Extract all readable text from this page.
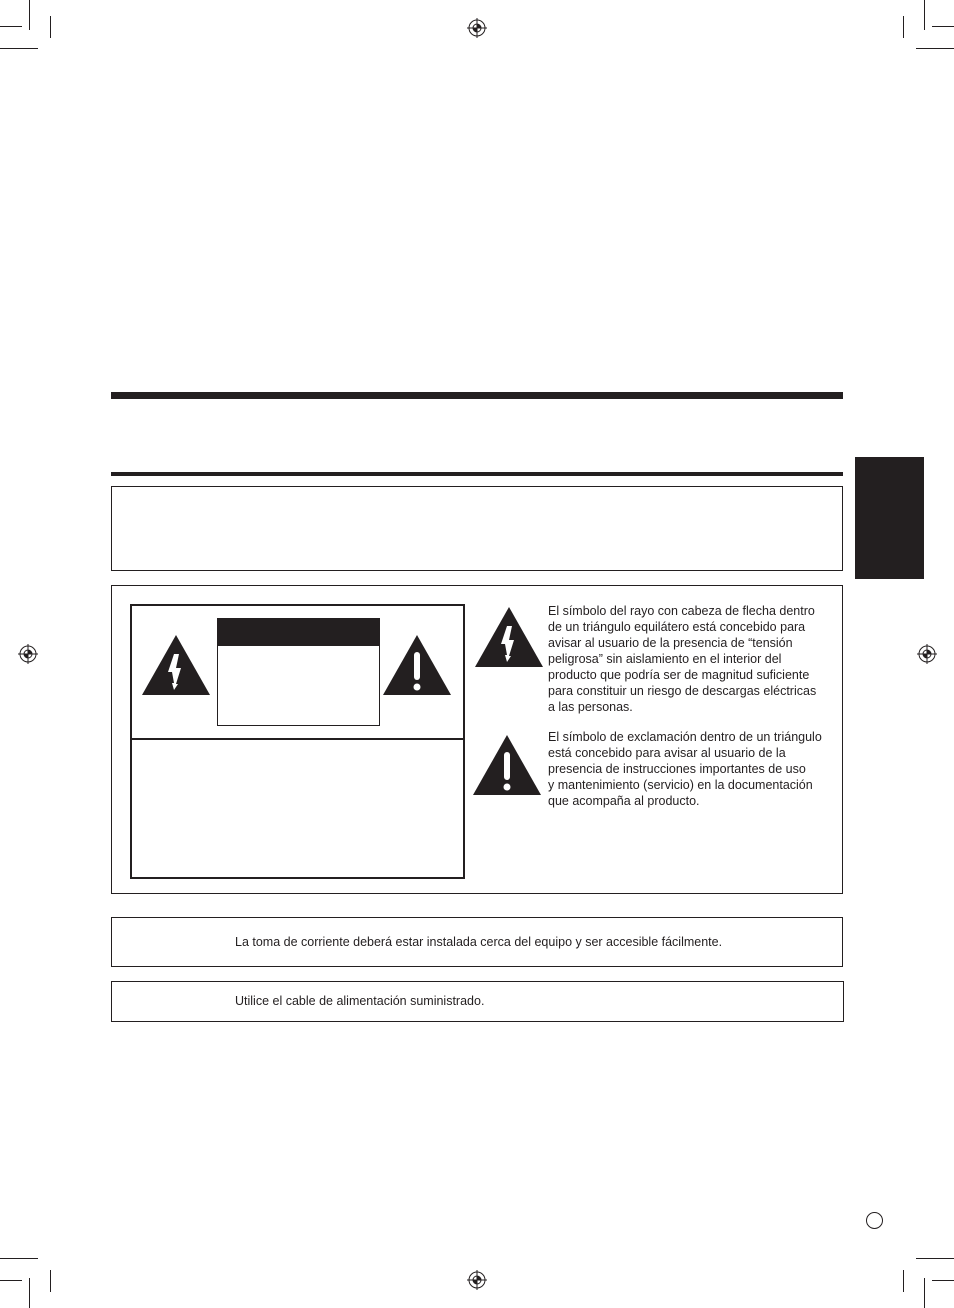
El símbolo del rayo con cabeza de flecha dentro
de un triángulo equilátero está concebido para
avisar al usuario de la presencia de “tensión
peligrosa” sin aislamiento en el interior del
producto que podría ser de magnitud suficiente
para constituir un riesgo de descargas eléctricas
a las personas.

El símbolo de exclamación dentro de un triángulo
está concebido para avisar al usuario de la
presencia de instrucciones importantes de uso
y mantenimiento (servicio) en la documentación
que acompaña al producto.

La toma de corriente deberá estar instalada cerca del equipo y ser accesible fácilmente.
Utilice el cable de alimentación suministrado.
